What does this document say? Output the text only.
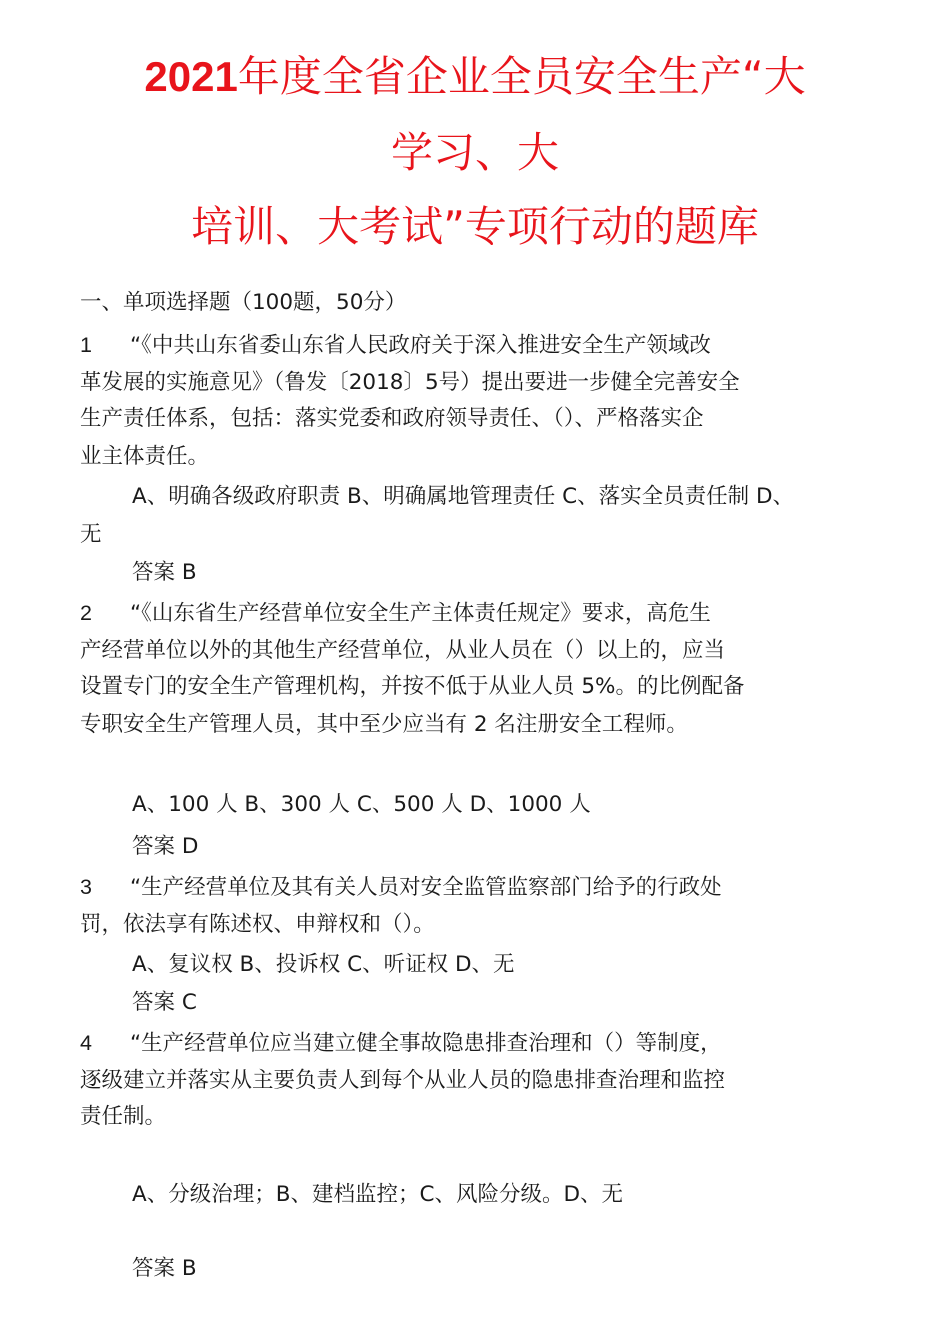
2021年度全省企业全员安全生产“大
学习、大
培训、大考试”专项行动的题库
一、单项选择题（100题，50分）
1 “《中共山东省委山东省人民政府关于深入推进安全生产领域改
革发展的实施意见》（鲁发〔2018〕5号）提出要进一步健全完善安全
生产责任体系，包括：落实党委和政府领导责任、（）、严格落实企
业主体责任。
A、明确各级政府职责 B、明确属地管理责任 C、落实全员责任制 D、
无
答案 B
2 “《山东省生产经营单位安全生产主体责任规定》要求，高危生
产经营单位以外的其他生产经营单位，从业人员在（）以上的，应当
设置专门的安全生产管理机构，并按不低于从业人员 5%。的比例配备
专职安全生产管理人员，其中至少应当有 2 名注册安全工程师。
A、100 人 B、300 人 C、500 人 D、1000 人
答案 D
3 “生产经营单位及其有关人员对安全监管监察部门给予的行政处
罚，依法享有陈述权、申辩权和（）。
A、复议权 B、投诉权 C、听证权 D、无
答案 C
4 “生产经营单位应当建立健全事故隐患排查治理和（）等制度，
逐级建立并落实从主要负责人到每个从业人员的隐患排查治理和监控
责任制。
A、分级治理；B、建档监控；C、风险分级。D、无
答案 B
